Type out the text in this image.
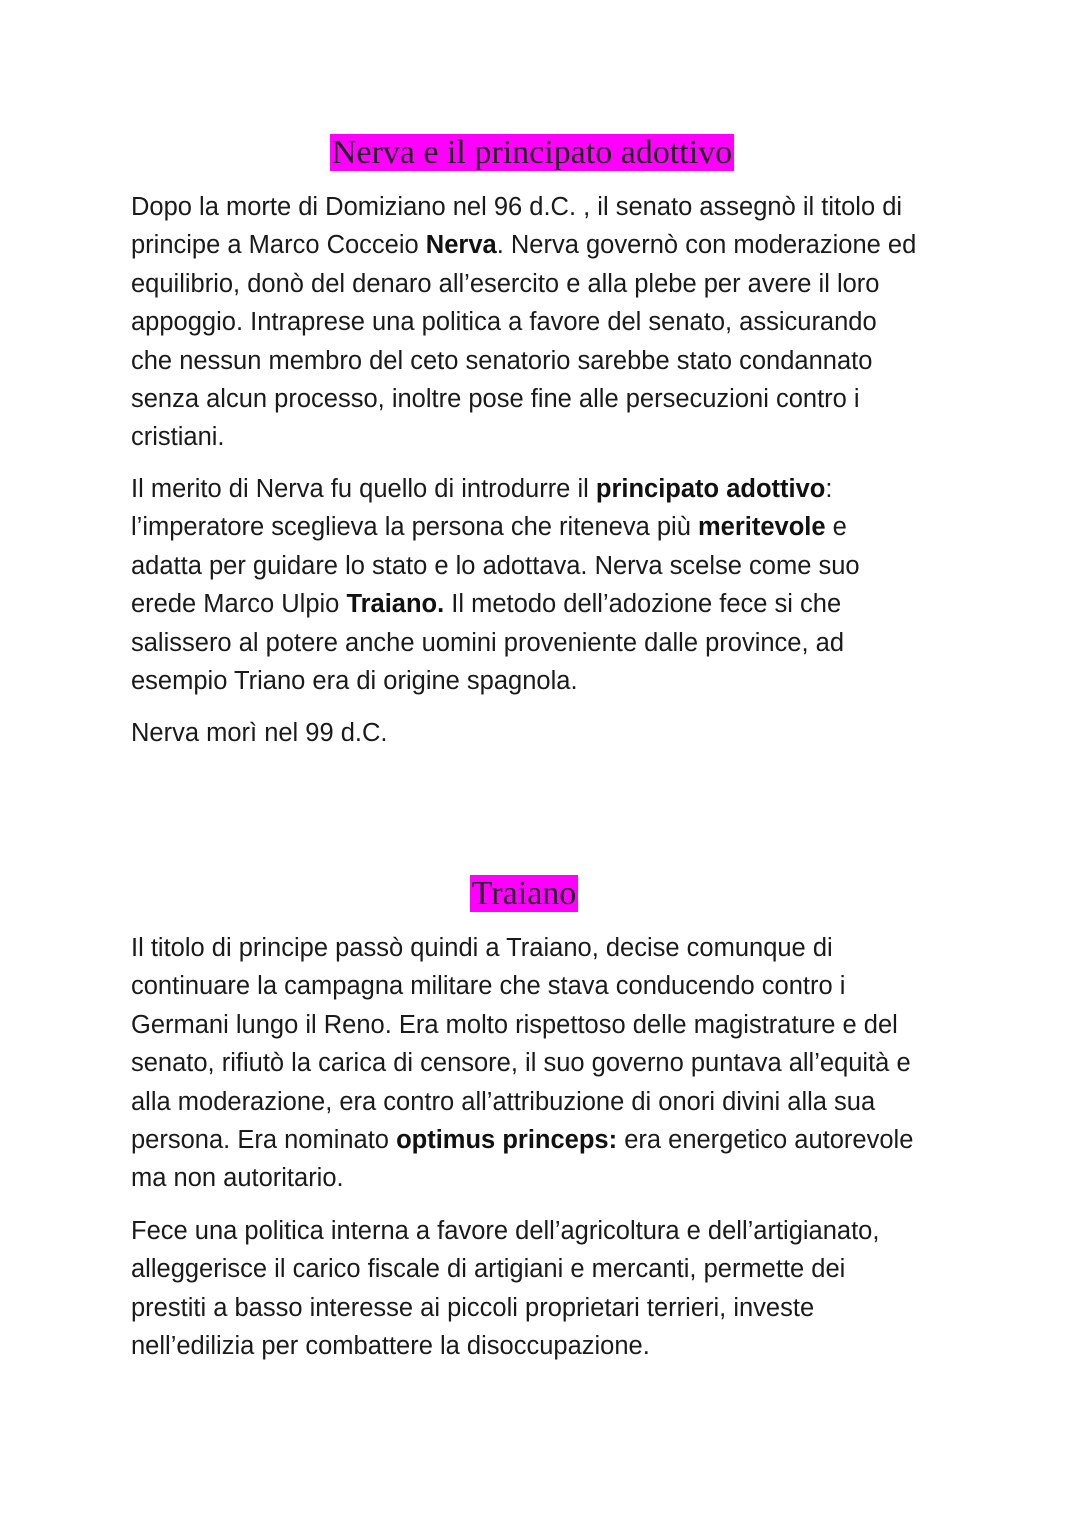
Nerva e il principato adottivo
Dopo la morte di Domiziano nel 96 d.C. , il senato assegnò il titolo di
principe a Marco Cocceio Nerva. Nerva governò con moderazione ed
equilibrio, donò del denaro all’esercito e alla plebe per avere il loro
appoggio. Intraprese una politica a favore del senato, assicurando
che nessun membro del ceto senatorio sarebbe stato condannato
senza alcun processo, inoltre pose fine alle persecuzioni contro i
cristiani.
Il merito di Nerva fu quello di introdurre il principato adottivo:
l’imperatore sceglieva la persona che riteneva più meritevole e
adatta per guidare lo stato e lo adottava. Nerva scelse come suo
erede Marco Ulpio Traiano. Il metodo dell’adozione fece si che
salissero al potere anche uomini proveniente dalle province, ad
esempio Triano era di origine spagnola.
Nerva morì nel 99 d.C.
Traiano
Il titolo di principe passò quindi a Traiano, decise comunque di
continuare la campagna militare che stava conducendo contro i
Germani lungo il Reno. Era molto rispettoso delle magistrature e del
senato, rifiutò la carica di censore, il suo governo puntava all’equità e
alla moderazione, era contro all’attribuzione di onori divini alla sua
persona. Era nominato optimus princeps: era energetico autorevole
ma non autoritario.
Fece una politica interna a favore dell’agricoltura e dell’artigianato,
alleggerisce il carico fiscale di artigiani e mercanti, permette dei
prestiti a basso interesse ai piccoli proprietari terrieri, investe
nell’edilizia per combattere la disoccupazione.
